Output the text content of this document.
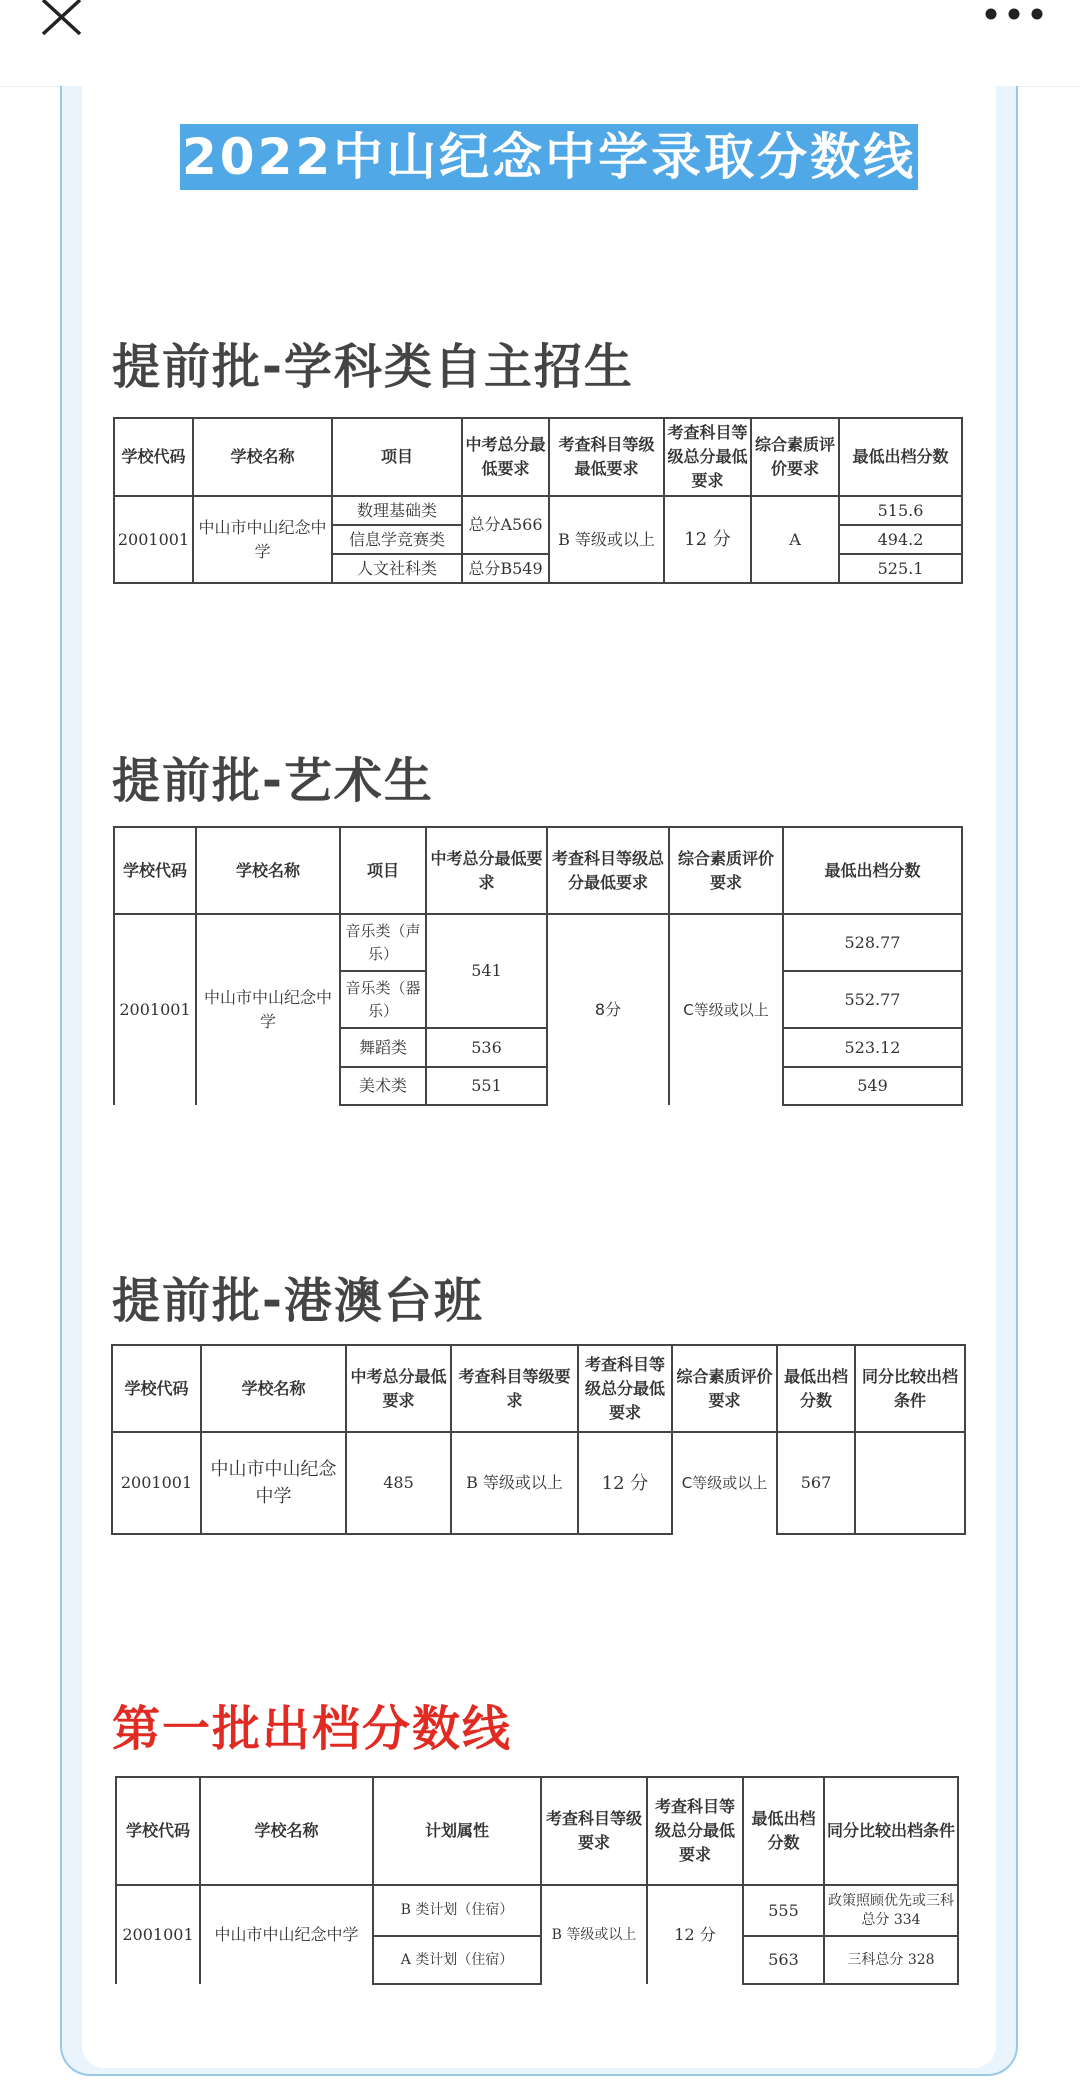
2022中山纪念中学录取分数线
提前批-学科类自主招生
学校代码	学校名称	项目	中考总分最低要求	考查科目等级最低要求	考查科目等级总分最低要求	综合素质评价要求	最低出档分数
2001001	中山市中山纪念中学	数理基础类	总分A566	B 等级或以上	12 分	A	515.6
		信息学竞赛类					494.2
		人文社科类	总分B549				525.1
提前批-艺术生
学校代码	学校名称	项目	中考总分最低要求	考查科目等级总分最低要求	综合素质评价要求	最低出档分数
2001001	中山市中山纪念中学	音乐类（声乐）	541	8分	C等级或以上	528.77
		音乐类（器乐）				552.77
		舞蹈类	536			523.12
		美术类	551			549
提前批-港澳台班
学校代码	学校名称	中考总分最低要求	考查科目等级要求	考查科目等级总分最低要求	综合素质评价要求	最低出档分数	同分比较出档条件
2001001	中山市中山纪念中学	485	B 等级或以上	12 分	C等级或以上	567	
第一批出档分数线
学校代码	学校名称	计划属性	考查科目等级要求	考查科目等级总分最低要求	最低出档分数	同分比较出档条件
2001001	中山市中山纪念中学	B 类计划（住宿）	B 等级或以上	12 分	555	政策照顾优先或三科总分 334
		A 类计划（住宿）			563	三科总分 328
